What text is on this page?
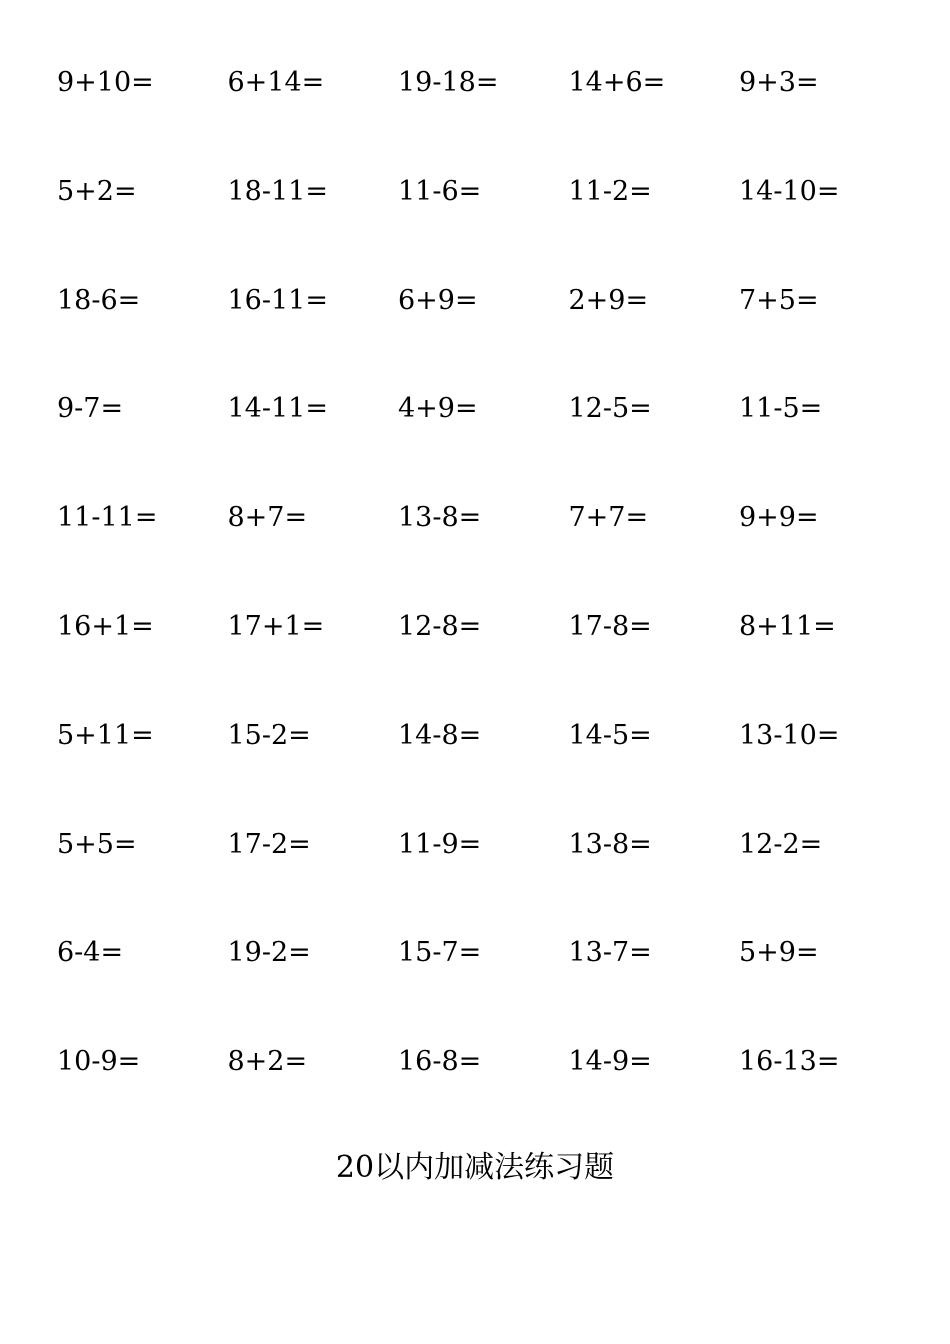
9+10=	6+14=	19-18=	14+6=	9+3=
5+2=	18-11=	11-6=	11-2=	14-10=
18-6=	16-11=	6+9=	2+9=	7+5=
9-7=	14-11=	4+9=	12-5=	11-5=
11-11=	8+7=	13-8=	7+7=	9+9=
16+1=	17+1=	12-8=	17-8=	8+11=
5+11=	15-2=	14-8=	14-5=	13-10=
5+5=	17-2=	11-9=	13-8=	12-2=
6-4=	19-2=	15-7=	13-7=	5+9=
10-9=	8+2=	16-8=	14-9=	16-13=
20以内加减法练习题
